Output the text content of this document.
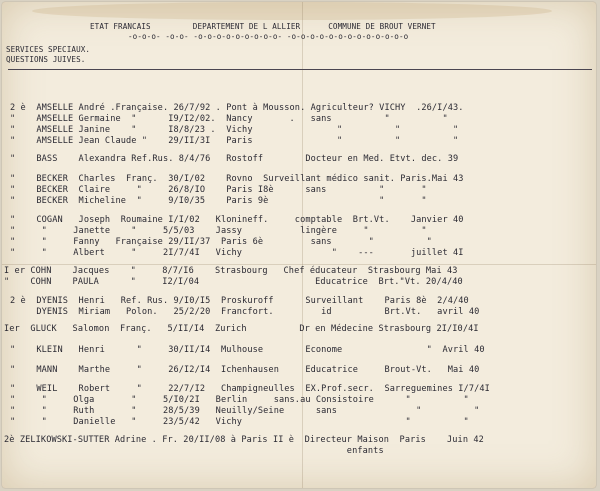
ETAT FRANCAIS         DEPARTEMENT DE L ALLIER      COMMUNE DE BROUT VERNET
-o-o-o- -o-o- -o-o-o-o-o-o-o-o-o- -o-o-o-o-o-o-o-o-o-o-o-o-o
SERVICES SPECIAUX.
QUESTIONS JUIVES.
2 è  AMSELLE André .Française. 26/7/92 . Pont à Mousson. Agriculteur? VICHY  .26/I/43.
"    AMSELLE Germaine  "      I9/I2/02.  Nancy       .   sans          "          "
"    AMSELLE Janine    "      I8/8/23 .  Vichy                "          "          "
"    AMSELLE Jean Claude "    29/II/3I   Paris                "          "          "
"    BASS    Alexandra Ref.Rus. 8/4/76   Rostoff        Docteur en Med. Etvt. dec. 39
"    BECKER  Charles  Franç.  30/I/02    Rovno  Surveillant médico sanit. Paris.Mai 43
"    BECKER  Claire     "     26/8/IO    Paris I8è      sans          "       "
"    BECKER  Micheline  "     9/I0/35    Paris 9è                     "       "
"    COGAN   Joseph  Roumaine I/I/02   Klonineff.     comptable  Brt.Vt.    Janvier 40
"     "     Janette    "     5/5/03    Jassy           lingère     "          "
"     "     Fanny   Française 29/II/37  Paris 6è         sans       "          "
"     "     Albert     "     2I/7/4I   Vichy                 "    ---       juillet 4I
I er COHN    Jacques    "     8/7/I6    Strasbourg   Chef éducateur  Strasbourg Mai 43
"    COHN    PAULA      "     I2/I/04                      Educatrice  Brt."Vt. 20/4/40
2 è  DYENIS  Henri   Ref. Rus. 9/I0/I5  Proskuroff      Surveillant    Paris 8è  2/4/40
DYENIS  Miriam   Polon.   25/2/20  Francfort.         id          Brt.Vt.   avril 40
Ier  GLUCK   Salomon  Franç.   5/II/I4  Zurich          Dr en Médecine Strasbourg 2I/I0/4I
"    KLEIN   Henri      "     30/II/I4  Mulhouse        Econome                "  Avril 40
"    MANN    Marthe     "     26/I2/I4  Ichenhausen     Educatrice     Brout-Vt.   Mai 40
"    WEIL    Robert     "     22/7/I2   Champigneulles  EX.Prof.secr.  Sarreguemines I/7/4I
"     "     Olga       "     5/I0/2I   Berlin     sans.au Consistoire      "          "
"     "     Ruth       "     28/5/39   Neuilly/Seine      sans               "          "
"     "     Danielle   "     23/5/42   Vichy                               "          "
2è ZELIKOWSKI-SUTTER Adrine . Fr. 20/II/08 à Paris II è  Directeur Maison  Paris    Juin 42
enfants
